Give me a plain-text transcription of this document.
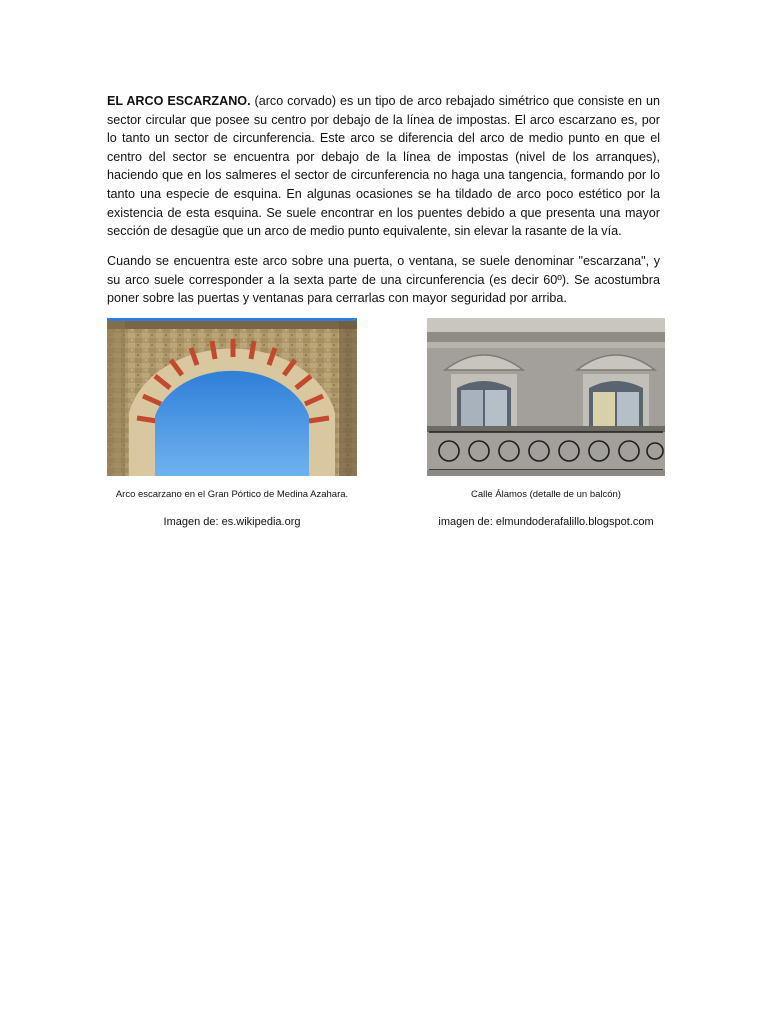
EL ARCO ESCARZANO. (arco corvado) es un tipo de arco rebajado simétrico que consiste en un sector circular que posee su centro por debajo de la línea de impostas. El arco escarzano es, por lo tanto un sector de circunferencia. Este arco se diferencia del arco de medio punto en que el centro del sector se encuentra por debajo de la línea de impostas (nivel de los arranques), haciendo que en los salmeres el sector de circunferencia no haga una tangencia, formando por lo tanto una especie de esquina. En algunas ocasiones se ha tildado de arco poco estético por la existencia de esta esquina. Se suele encontrar en los puentes debido a que presenta una mayor sección de desagüe que un arco de medio punto equivalente, sin elevar la rasante de la vía.

Cuando se encuentra este arco sobre una puerta, o ventana, se suele denominar "escarzana", y su arco suele corresponder a la sexta parte de una circunferencia (es decir 60º). Se acostumbra poner sobre las puertas y ventanas para cerrarlas con mayor seguridad por arriba.

Arco escarzano en el Gran Pórtico de Medina Azahara.	Calle Álamos (detalle de un balcón)
Imagen de: es.wikipedia.org	imagen de: elmundoderafalillo.blogspot.com
